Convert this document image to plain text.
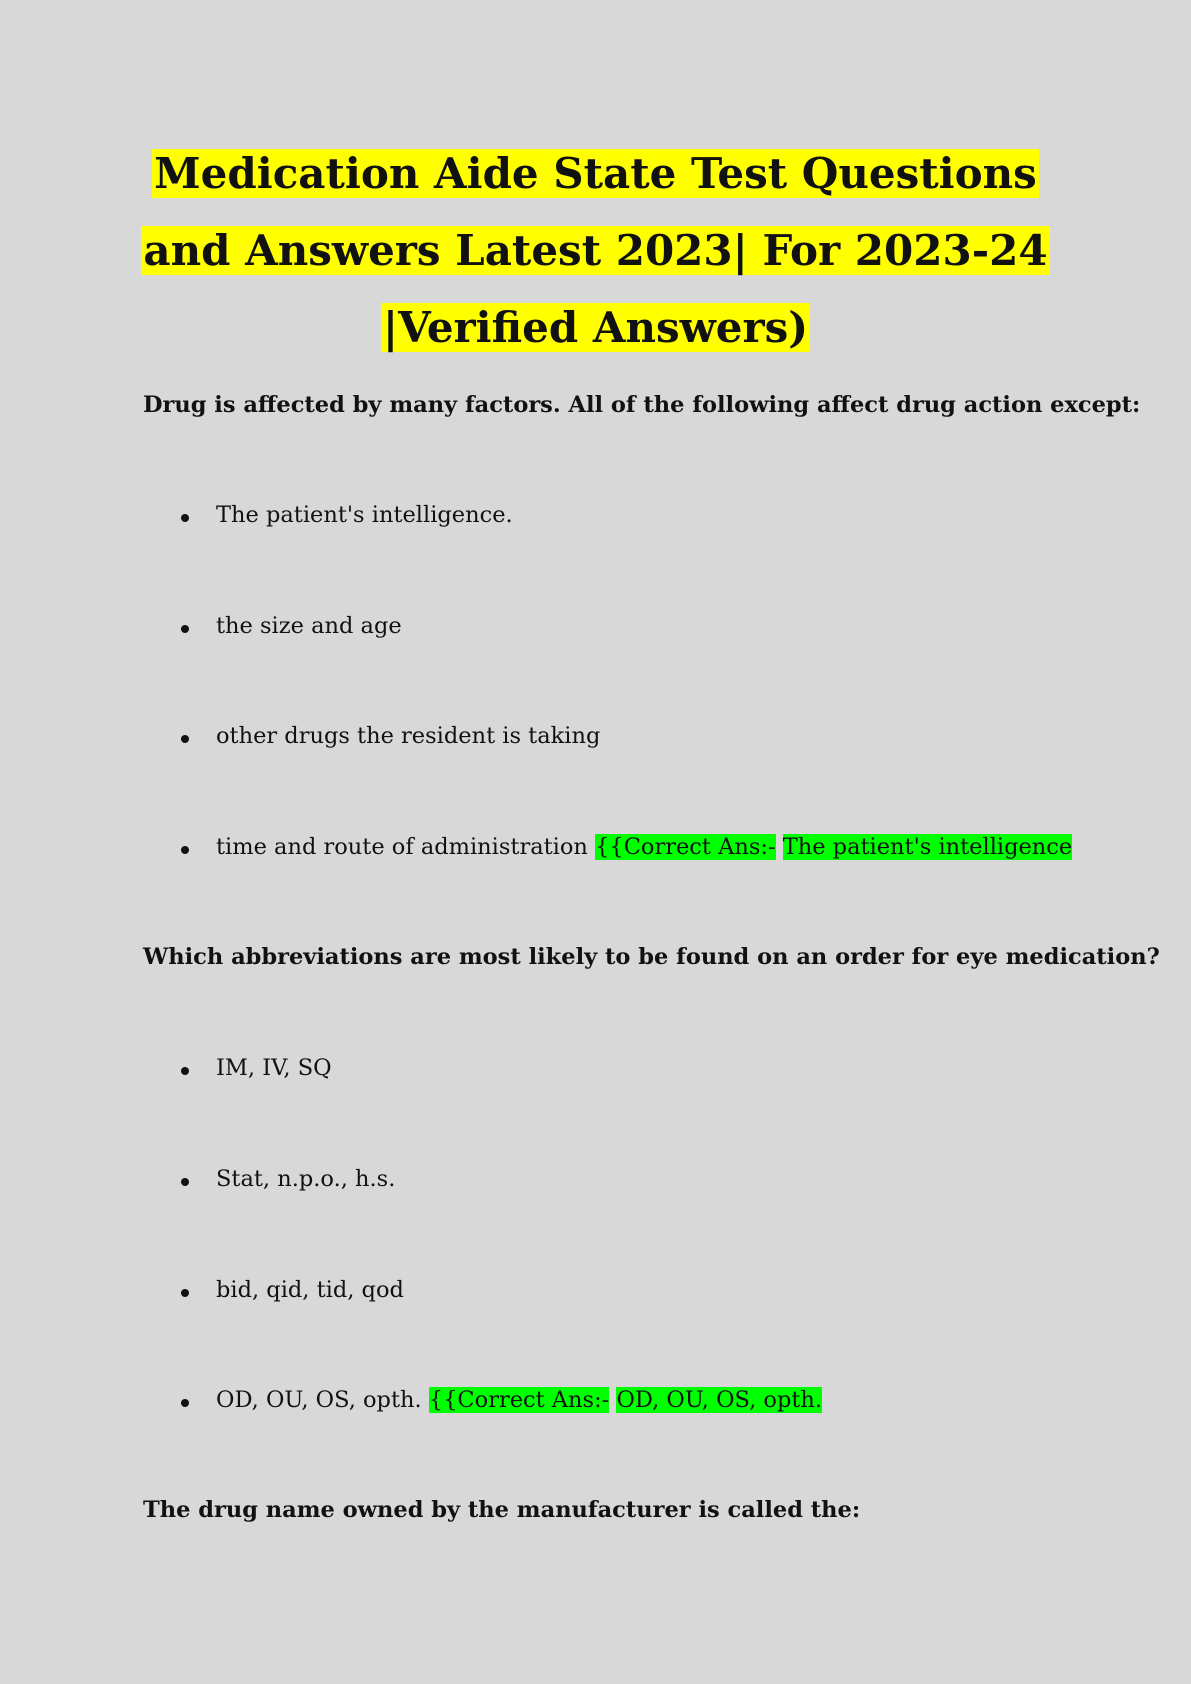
Medication Aide State Test Questions
and Answers Latest 2023| For 2023-24
|Verified Answers)

Drug is affected by many factors. All of the following affect drug action except:

The patient's intelligence.

the size and age

other drugs the resident is taking

time and route of administration {{Correct Ans:- The patient's intelligence

Which abbreviations are most likely to be found on an order for eye medication?

IM, IV, SQ

Stat, n.p.o., h.s.

bid, qid, tid, qod

OD, OU, OS, opth. {{Correct Ans:- OD, OU, OS, opth.

The drug name owned by the manufacturer is called the:
